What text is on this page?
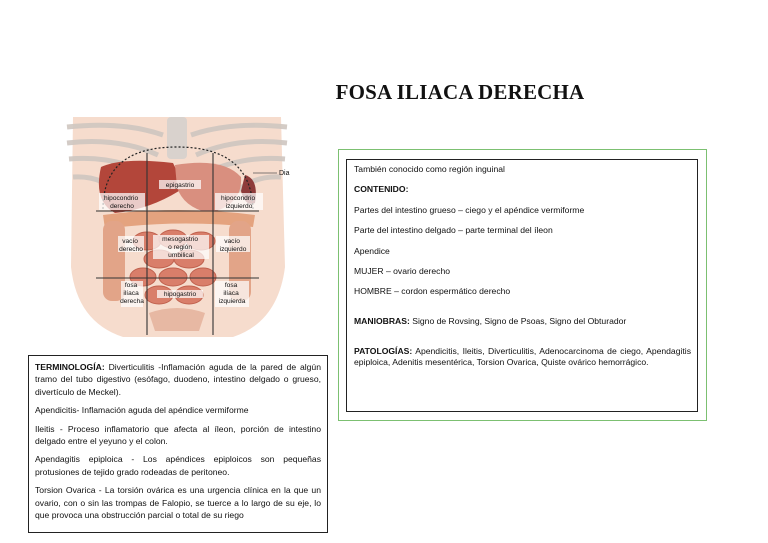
FOSA ILIACA DERECHA
hipocondrio derecho
epigastrio
hipocondrio izquierdo
vacío derecho
mesogastrio o región umbilical
vacío izquierdo
fosa ilíaca derecha
hipogastrio
fosa ilíaca izquierda
Dia	También conocido como región inguinal

CONTENIDO:

Partes del intestino grueso – ciego y el apéndice vermiforme

Parte del intestino delgado – parte terminal del íleon

Apendice

MUJER – ovario derecho

HOMBRE – cordon espermático derecho

MANIOBRAS: Signo de Rovsing, Signo de Psoas, Signo del Obturador

PATOLOGÍAS: Apendicitis, Ileitis, Diverticulitis, Adenocarcinoma de ciego, Apendagitis epiploica, Adenitis mesentérica, Torsion Ovarica, Quiste ovárico hemorrágico.

TERMINOLOGÍA: Diverticulitis -Inflamación aguda de la pared de algún tramo del tubo digestivo (esófago, duodeno, intestino delgado o grueso, divertículo de Meckel).

Apendicitis- Inflamación aguda del apéndice vermiforme

Ileitis - Proceso inflamatorio que afecta al íleon, porción de intestino delgado entre el yeyuno y el colon.

Apendagitis epiploica - Los apéndices epiploicos son pequeñas protusiones de tejido grado rodeadas de peritoneo.

Torsion Ovarica - La torsión ovárica es una urgencia clínica en la que un ovario, con o sin las trompas de Falopio, se tuerce a lo largo de su eje, lo que provoca una obstrucción parcial o total de su riego
